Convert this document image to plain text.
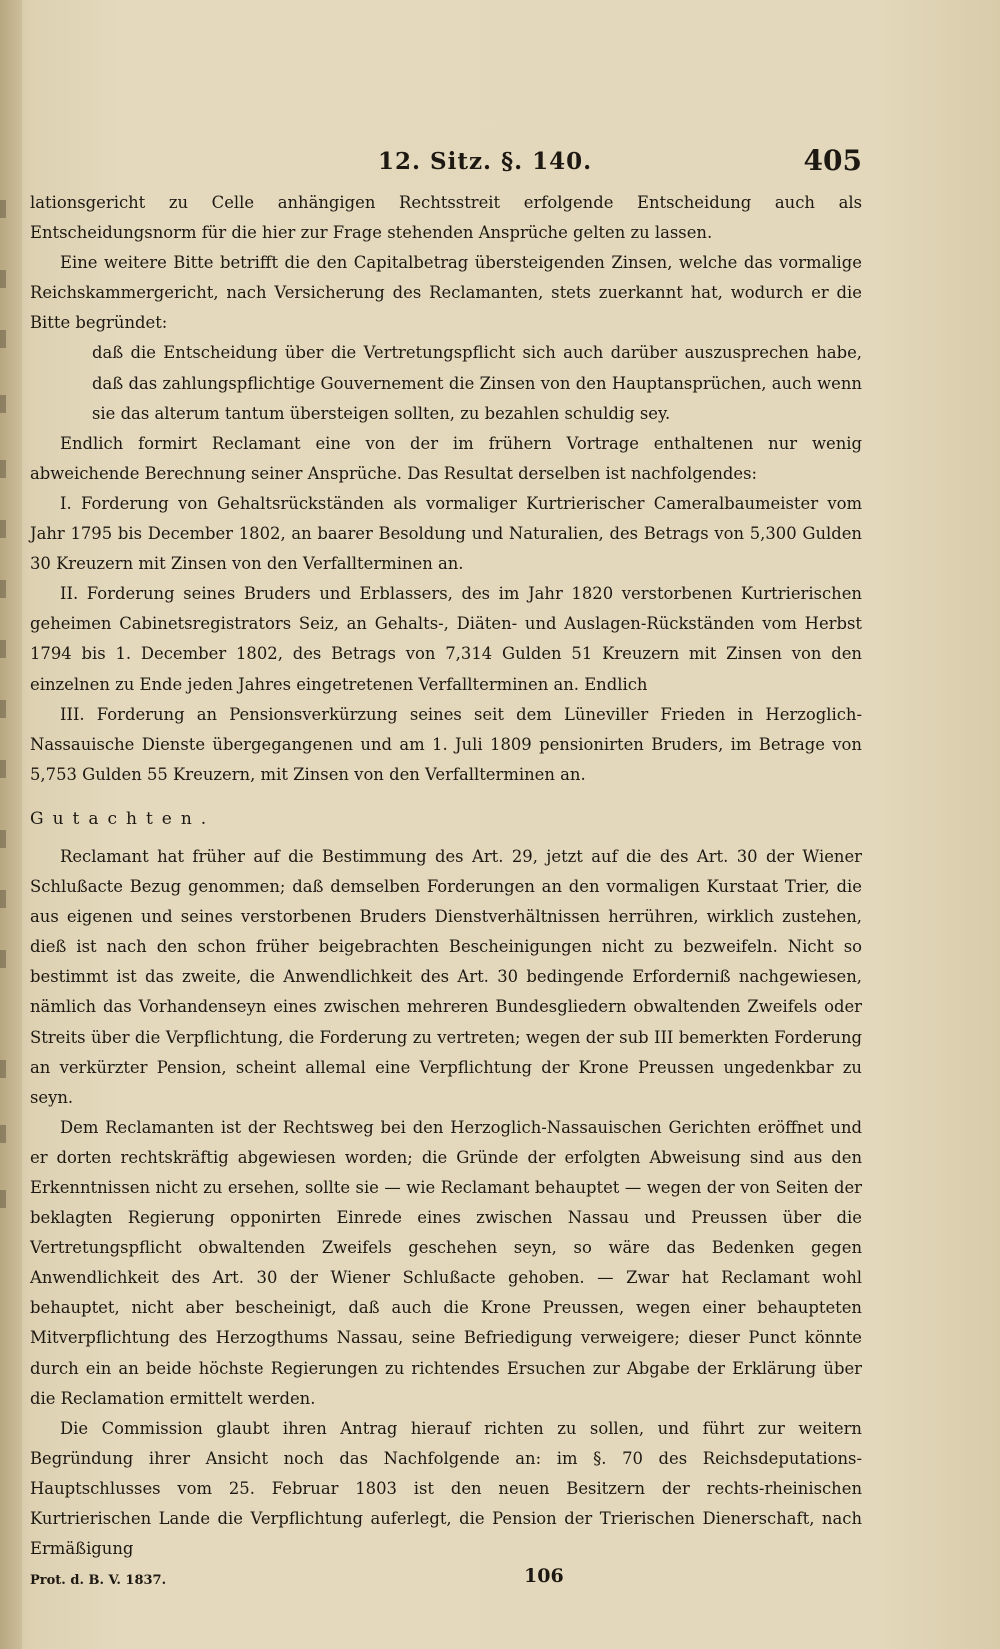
12. Sitz. §. 140.	405

lationsgericht zu Celle anhängigen Rechtsstreit erfolgende Entscheidung auch als Entscheidungsnorm für die hier zur Frage stehenden Ansprüche gelten zu lassen.

Eine weitere Bitte betrifft die den Capitalbetrag übersteigenden Zinsen, welche das vormalige Reichskammergericht, nach Versicherung des Reclamanten, stets zuerkannt hat, wodurch er die Bitte begründet:

daß die Entscheidung über die Vertretungspflicht sich auch darüber auszusprechen habe, daß das zahlungspflichtige Gouvernement die Zinsen von den Hauptansprüchen, auch wenn sie das alterum tantum übersteigen sollten, zu bezahlen schuldig sey.

Endlich formirt Reclamant eine von der im frühern Vortrage enthaltenen nur wenig abweichende Berechnung seiner Ansprüche. Das Resultat derselben ist nachfolgendes:

I. Forderung von Gehaltsrückständen als vormaliger Kurtrierischer Cameralbaumeister vom Jahr 1795 bis December 1802, an baarer Besoldung und Naturalien, des Betrags von 5,300 Gulden 30 Kreuzern mit Zinsen von den Verfallterminen an.

II. Forderung seines Bruders und Erblassers, des im Jahr 1820 verstorbenen Kurtrierischen geheimen Cabinetsregistrators Seiz, an Gehalts-, Diäten- und Auslagen-Rückständen vom Herbst 1794 bis 1. December 1802, des Betrags von 7,314 Gulden 51 Kreuzern mit Zinsen von den einzelnen zu Ende jeden Jahres eingetretenen Verfallterminen an. Endlich

III. Forderung an Pensionsverkürzung seines seit dem Lüneviller Frieden in Herzoglich-Nassauische Dienste übergegangenen und am 1. Juli 1809 pensionirten Bruders, im Betrage von 5,753 Gulden 55 Kreuzern, mit Zinsen von den Verfallterminen an.

Gutachten.

Reclamant hat früher auf die Bestimmung des Art. 29, jetzt auf die des Art. 30 der Wiener Schlußacte Bezug genommen; daß demselben Forderungen an den vormaligen Kurstaat Trier, die aus eigenen und seines verstorbenen Bruders Dienstverhältnissen herrühren, wirklich zustehen, dieß ist nach den schon früher beigebrachten Bescheinigungen nicht zu bezweifeln. Nicht so bestimmt ist das zweite, die Anwendlichkeit des Art. 30 bedingende Erforderniß nachgewiesen, nämlich das Vorhandenseyn eines zwischen mehreren Bundesgliedern obwaltenden Zweifels oder Streits über die Verpflichtung, die Forderung zu vertreten; wegen der sub III bemerkten Forderung an verkürzter Pension, scheint allemal eine Verpflichtung der Krone Preussen ungedenkbar zu seyn.

Dem Reclamanten ist der Rechtsweg bei den Herzoglich-Nassauischen Gerichten eröffnet und er dorten rechtskräftig abgewiesen worden; die Gründe der erfolgten Abweisung sind aus den Erkenntnissen nicht zu ersehen, sollte sie — wie Reclamant behauptet — wegen der von Seiten der beklagten Regierung opponirten Einrede eines zwischen Nassau und Preussen über die Vertretungspflicht obwaltenden Zweifels geschehen seyn, so wäre das Bedenken gegen Anwendlichkeit des Art. 30 der Wiener Schlußacte gehoben. — Zwar hat Reclamant wohl behauptet, nicht aber bescheinigt, daß auch die Krone Preussen, wegen einer behaupteten Mitverpflichtung des Herzogthums Nassau, seine Befriedigung verweigere; dieser Punct könnte durch ein an beide höchste Regierungen zu richtendes Ersuchen zur Abgabe der Erklärung über die Reclamation ermittelt werden.

Die Commission glaubt ihren Antrag hierauf richten zu sollen, und führt zur weitern Begründung ihrer Ansicht noch das Nachfolgende an: im §. 70 des Reichsdeputations-Hauptschlusses vom 25. Februar 1803 ist den neuen Besitzern der rechts-rheinischen Kurtrierischen Lande die Verpflichtung auferlegt, die Pension der Trierischen Dienerschaft, nach Ermäßigung

Prot. d. B. V. 1837.	106
